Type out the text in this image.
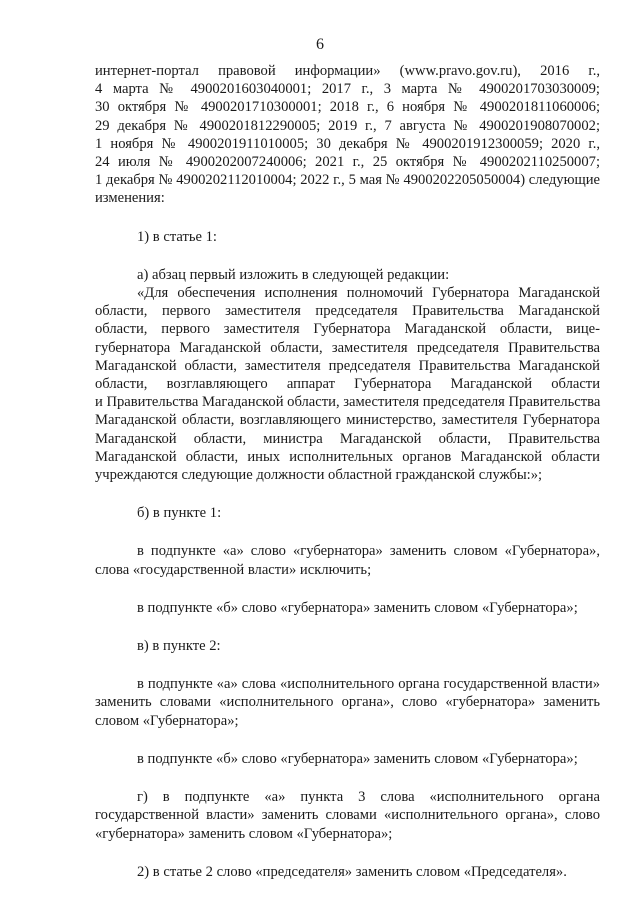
6
интернет-портал правовой информации» (www.pravo.gov.ru), 2016 г.,
4 марта № 4900201603040001; 2017 г., 3 марта № 4900201703030009;
30 октября № 4900201710300001; 2018 г., 6 ноября № 4900201811060006;
29 декабря № 4900201812290005; 2019 г., 7 августа № 4900201908070002;
1 ноября № 4900201911010005; 30 декабря № 4900201912300059; 2020 г.,
24 июля № 4900202007240006; 2021 г., 25 октября № 4900202110250007;
1 декабря № 4900202112010004; 2022 г., 5 мая № 4900202205050004) следующие
изменения:
1) в статье 1:
а) абзац первый изложить в следующей редакции:
«Для обеспечения исполнения полномочий Губернатора Магаданской
области, первого заместителя председателя Правительства Магаданской
области, первого заместителя Губернатора Магаданской области, вице-
губернатора Магаданской области, заместителя председателя Правительства
Магаданской области, заместителя председателя Правительства Магаданской
области, возглавляющего аппарат Губернатора Магаданской области
и Правительства Магаданской области, заместителя председателя Правительства
Магаданской области, возглавляющего министерство, заместителя Губернатора
Магаданской области, министра Магаданской области, Правительства
Магаданской области, иных исполнительных органов Магаданской области
учреждаются следующие должности областной гражданской службы:»;
б) в пункте 1:
в подпункте «а» слово «губернатора» заменить словом «Губернатора»,
слова «государственной власти» исключить;
в подпункте «б» слово «губернатора» заменить словом «Губернатора»;
в) в пункте 2:
в подпункте «а» слова «исполнительного органа государственной власти»
заменить словами «исполнительного органа», слово «губернатора» заменить
словом «Губернатора»;
в подпункте «б» слово «губернатора» заменить словом «Губернатора»;
г) в подпункте «а» пункта 3 слова «исполнительного органа
государственной власти» заменить словами «исполнительного органа», слово
«губернатора» заменить словом «Губернатора»;
2) в статье 2 слово «председателя» заменить словом «Председателя».
